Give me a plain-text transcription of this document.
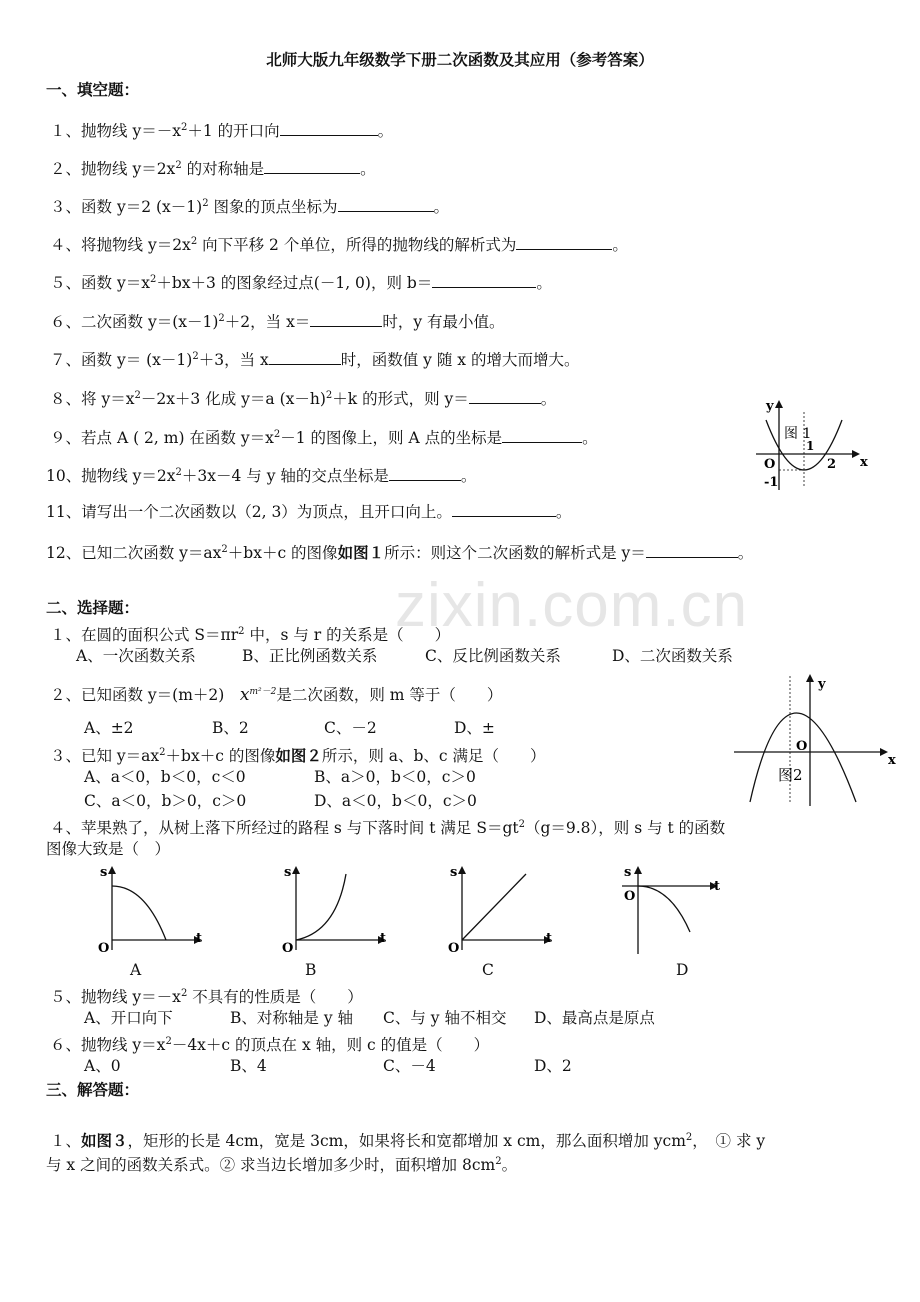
zixin.com.cn
北师大版九年级数学下册二次函数及其应用（参考答案）
一、填空题：
１、抛物线 $y=-x^2+1$ 的开口向	。
２、抛物线 $y=2x^2$ 的对称轴是	。
３、函数 y＝2 $(x-1)^2$ 图象的顶点坐标为	。
４、将抛物线 $y=2x^2$ 向下平移 2 个单位，所得的抛物线的解析式为	。
５、函数 $y=x^2+bx+3$ 的图象经过点(－1, 0)，则 b＝	。
６、二次函数 $y=(x-1)^2+2$，当 x＝	时，y 有最小值。
７、函数 $y= (x-1)^2+3$，当 x	时，函数值 y 随 x 的增大而增大。
８、将 $y=x^2-2x+3$ 化成 y＝a $(x-h)^2+k$ 的形式，则 y＝	。
９、若点 A ( 2, m) 在函数 $y=x^2-1$ 的图像上，则 A 点的坐标是	。
10、抛物线 $y=2x^2+3x-4$ 与 y 轴的交点坐标是	。
11、请写出一个二次函数以（2, 3）为顶点，且开口向上。	。
12、已知二次函数 $y=ax^2+bx+c$ 的图像如图１所示：则这个二次函数的解析式是 y＝	。
y
x
O
-1
2
1
图 1
二、选择题：
１、在圆的面积公式 $S=\pi r^2$ 中，s 与 r 的关系是（　　）
A、一次函数关系	B、正比例函数关系	C、反比例函数关系	D、二次函数关系
２、已知函数 y＝(m＋2)  $x^{m^2-2}$是二次函数，则 m 等于（　　）
A、±2	B、2	C、－2	D、±
３、已知 $y=ax^2+bx+c$ 的图像如图２所示，则 a、b、c 满足（　　）
A、a＜0，b＜0，c＜0	B、a＞0，b＜0，c＞0
C、a＜0，b＞0，c＞0	D、a＜0，b＜0，c＞0
y
x
O
图2
４、苹果熟了，从树上落下所经过的路程 s 与下落时间 t 满足 $S=gt^2(g=9.8)$，则 s 与 t 的函数
图像大致是（　）
s
t
O
A
s
t
O
B
s
t
O
C
s
t
O
D
５、抛物线 $y=-x^2$ 不具有的性质是（　　）
A、开口向下	B、对称轴是 y 轴 C、与 y 轴不相交 D、最高点是原点
６、抛物线 $y=x^2-4x+c$ 的顶点在 x 轴，则 c 的值是（　　）
A、0	B、4	C、－4	D、2
三、解答题：
１、如图３，矩形的长是 4cm，宽是 3cm，如果将长和宽都增加 x cm，那么面积增加 ycm$^2$，　① 求 y
与 x 之间的函数关系式。② 求当边长增加多少时，面积增加 $8cm^2$。
